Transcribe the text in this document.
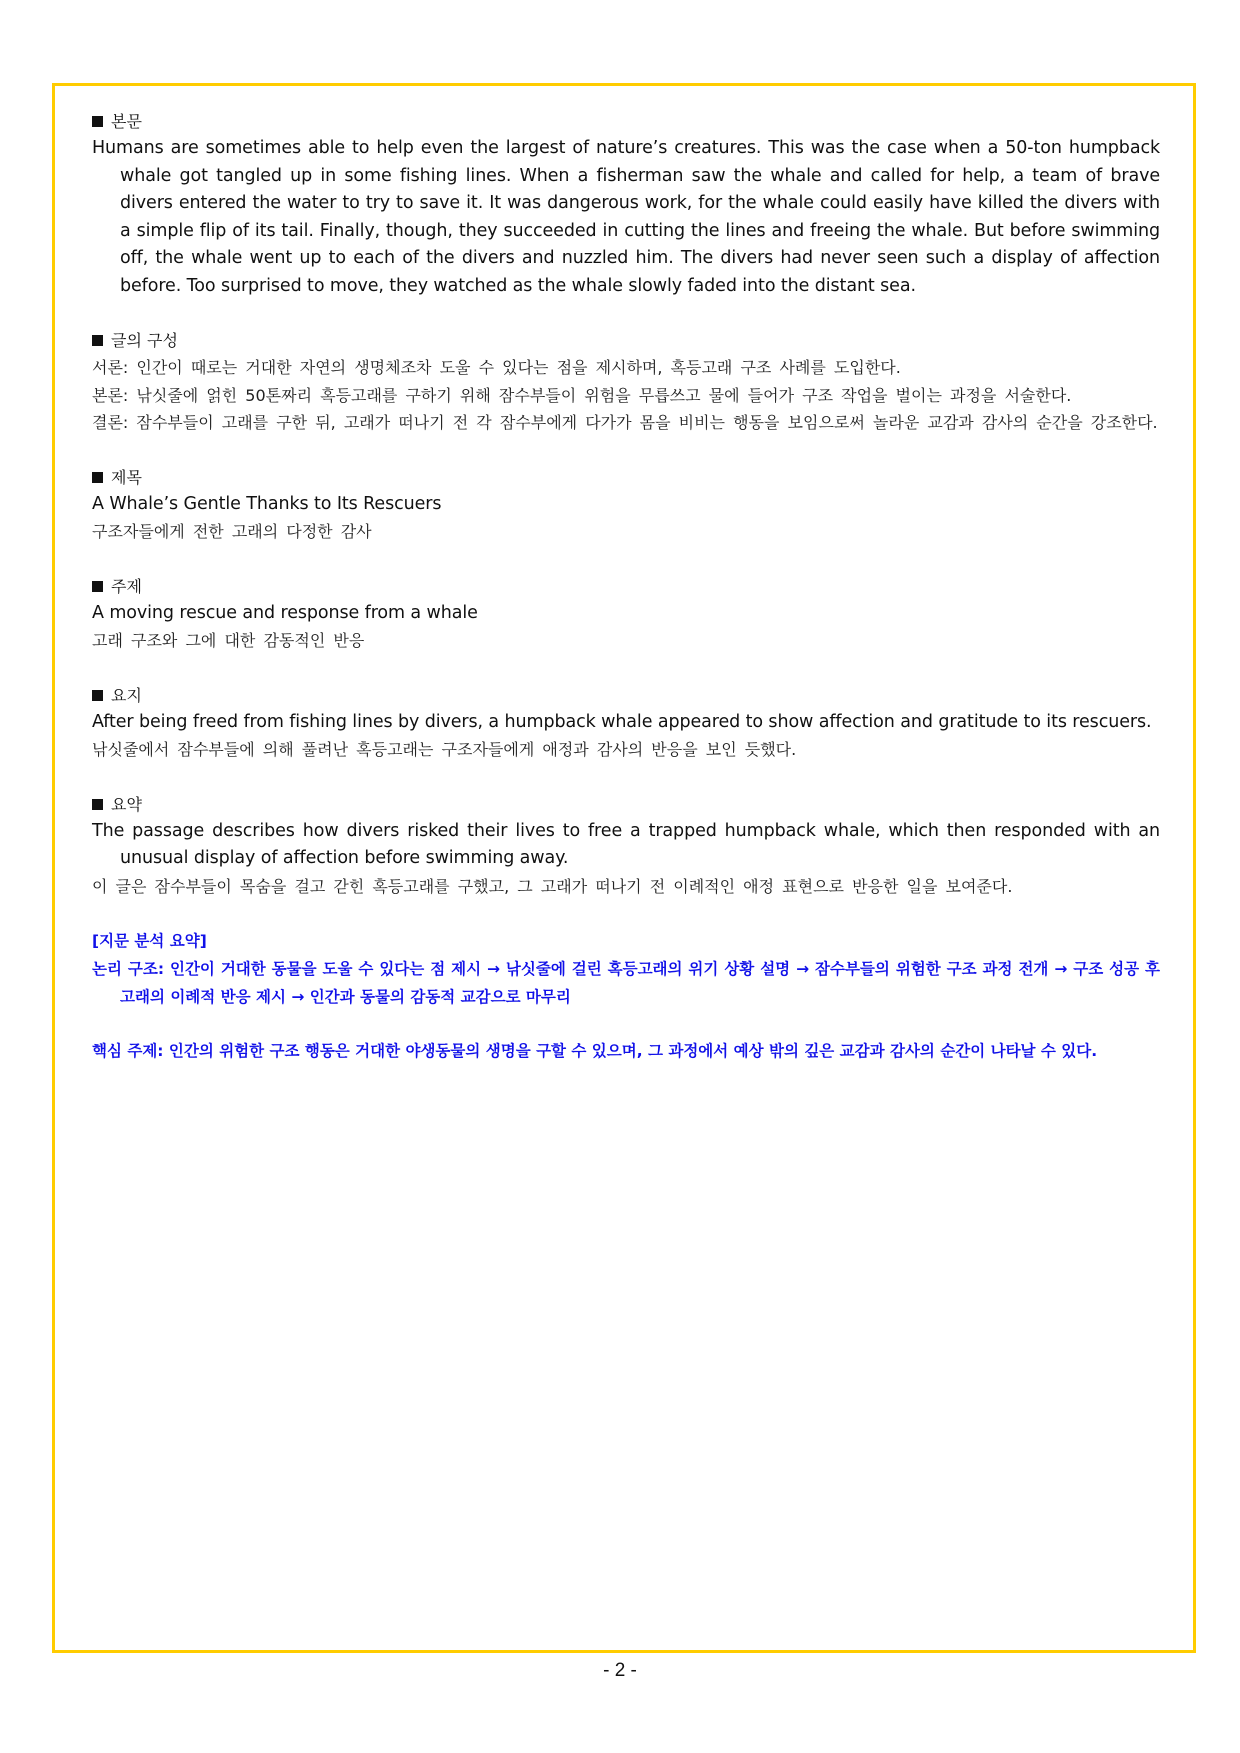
본문
Humans are sometimes able to help even the largest of nature’s creatures. This was the case when a 50-ton humpback whale got tangled up in some fishing lines. When a fisherman saw the whale and called for help, a team of brave divers entered the water to try to save it. It was dangerous work, for the whale could easily have killed the divers with a simple flip of its tail. Finally, though, they succeeded in cutting the lines and freeing the whale. But before swimming off, the whale went up to each of the divers and nuzzled him. The divers had never seen such a display of affection before. Too surprised to move, they watched as the whale slowly faded into the distant sea.
글의 구성
서론: 인간이 때로는 거대한 자연의 생명체조차 도울 수 있다는 점을 제시하며, 혹등고래 구조 사례를 도입한다.
본론: 낚싯줄에 얽힌 50톤짜리 혹등고래를 구하기 위해 잠수부들이 위험을 무릅쓰고 물에 들어가 구조 작업을 벌이는 과정을 서술한다.
결론: 잠수부들이 고래를 구한 뒤, 고래가 떠나기 전 각 잠수부에게 다가가 몸을 비비는 행동을 보임으로써 놀라운 교감과 감사의 순간을 강조한다.
제목
A Whale’s Gentle Thanks to Its Rescuers
구조자들에게 전한 고래의 다정한 감사
주제
A moving rescue and response from a whale
고래 구조와 그에 대한 감동적인 반응
요지
After being freed from fishing lines by divers, a humpback whale appeared to show affection and gratitude to its rescuers.
낚싯줄에서 잠수부들에 의해 풀려난 혹등고래는 구조자들에게 애정과 감사의 반응을 보인 듯했다.
요약
The passage describes how divers risked their lives to free a trapped humpback whale, which then responded with an unusual display of affection before swimming away.
이 글은 잠수부들이 목숨을 걸고 갇힌 혹등고래를 구했고, 그 고래가 떠나기 전 이례적인 애정 표현으로 반응한 일을 보여준다.
[지문 분석 요약]
논리 구조: 인간이 거대한 동물을 도울 수 있다는 점 제시 → 낚싯줄에 걸린 혹등고래의 위기 상황 설명 → 잠수부들의 위험한 구조 과정 전개 → 구조 성공 후 고래의 이례적 반응 제시 → 인간과 동물의 감동적 교감으로 마무리
핵심 주제: 인간의 위험한 구조 행동은 거대한 야생동물의 생명을 구할 수 있으며, 그 과정에서 예상 밖의 깊은 교감과 감사의 순간이 나타날 수 있다.
- 2 -
